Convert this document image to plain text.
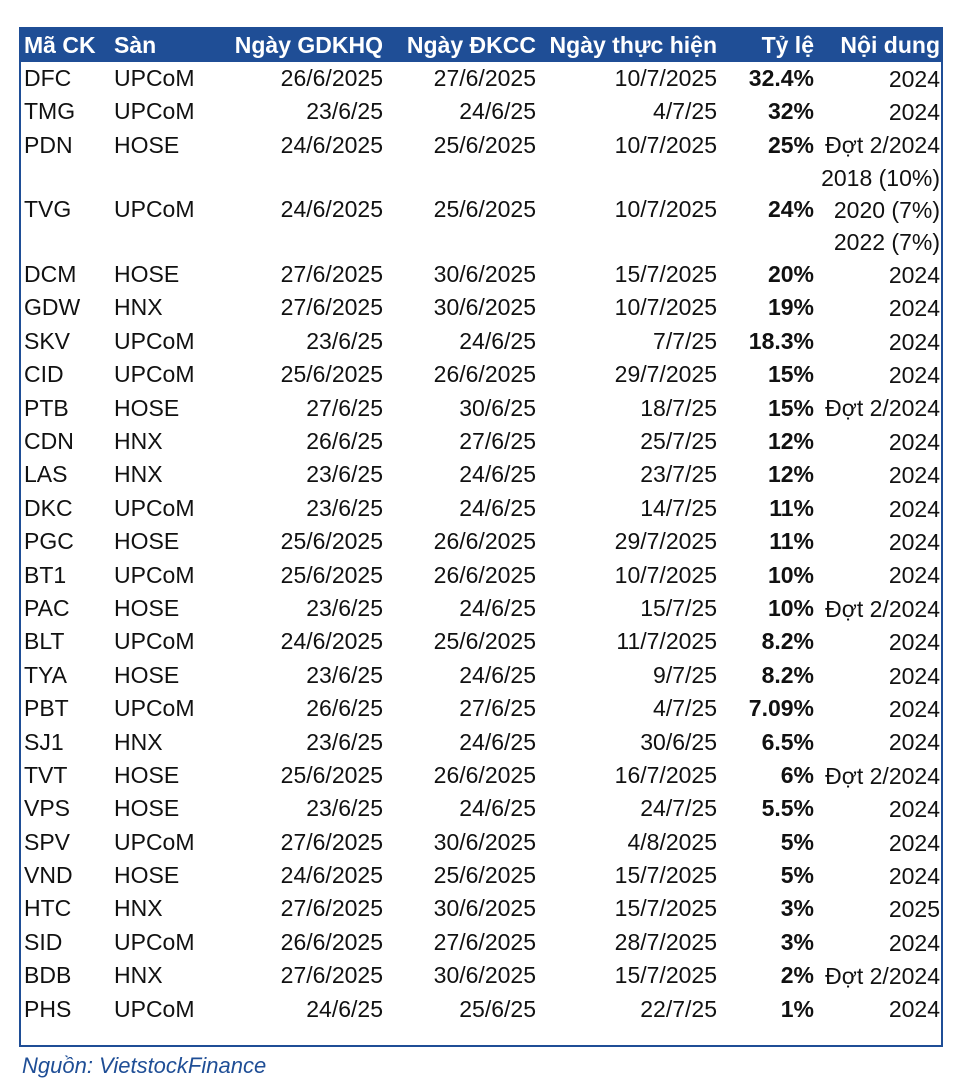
Mã CK	Sàn	Ngày GDKHQ	Ngày ĐKCC	Ngày thực hiện	Tỷ lệ	Nội dung
DFC	UPCoM	26/6/2025	27/6/2025	10/7/2025	32.4%	2024

TMG	UPCoM	23/6/25	24/6/25	4/7/25	32%	2024

PDN	HOSE	24/6/2025	25/6/2025	10/7/2025	25%	Đợt 2/2024

TVG	UPCoM	24/6/2025	25/6/2025	10/7/2025	24%	2018 (10%)
2020 (7%)
2022 (7%)

DCM	HOSE	27/6/2025	30/6/2025	15/7/2025	20%	2024

GDW	HNX	27/6/2025	30/6/2025	10/7/2025	19%	2024

SKV	UPCoM	23/6/25	24/6/25	7/7/25	18.3%	2024

CID	UPCoM	25/6/2025	26/6/2025	29/7/2025	15%	2024

PTB	HOSE	27/6/25	30/6/25	18/7/25	15%	Đợt 2/2024

CDN	HNX	26/6/25	27/6/25	25/7/25	12%	2024

LAS	HNX	23/6/25	24/6/25	23/7/25	12%	2024

DKC	UPCoM	23/6/25	24/6/25	14/7/25	11%	2024

PGC	HOSE	25/6/2025	26/6/2025	29/7/2025	11%	2024

BT1	UPCoM	25/6/2025	26/6/2025	10/7/2025	10%	2024

PAC	HOSE	23/6/25	24/6/25	15/7/25	10%	Đợt 2/2024

BLT	UPCoM	24/6/2025	25/6/2025	11/7/2025	8.2%	2024

TYA	HOSE	23/6/25	24/6/25	9/7/25	8.2%	2024

PBT	UPCoM	26/6/25	27/6/25	4/7/25	7.09%	2024

SJ1	HNX	23/6/25	24/6/25	30/6/25	6.5%	2024

TVT	HOSE	25/6/2025	26/6/2025	16/7/2025	6%	Đợt 2/2024

VPS	HOSE	23/6/25	24/6/25	24/7/25	5.5%	2024

SPV	UPCoM	27/6/2025	30/6/2025	4/8/2025	5%	2024

VND	HOSE	24/6/2025	25/6/2025	15/7/2025	5%	2024

HTC	HNX	27/6/2025	30/6/2025	15/7/2025	3%	2025

SID	UPCoM	26/6/2025	27/6/2025	28/7/2025	3%	2024

BDB	HNX	27/6/2025	30/6/2025	15/7/2025	2%	Đợt 2/2024

PHS	UPCoM	24/6/25	25/6/25	22/7/25	1%	2024
Nguồn: VietstockFinance
